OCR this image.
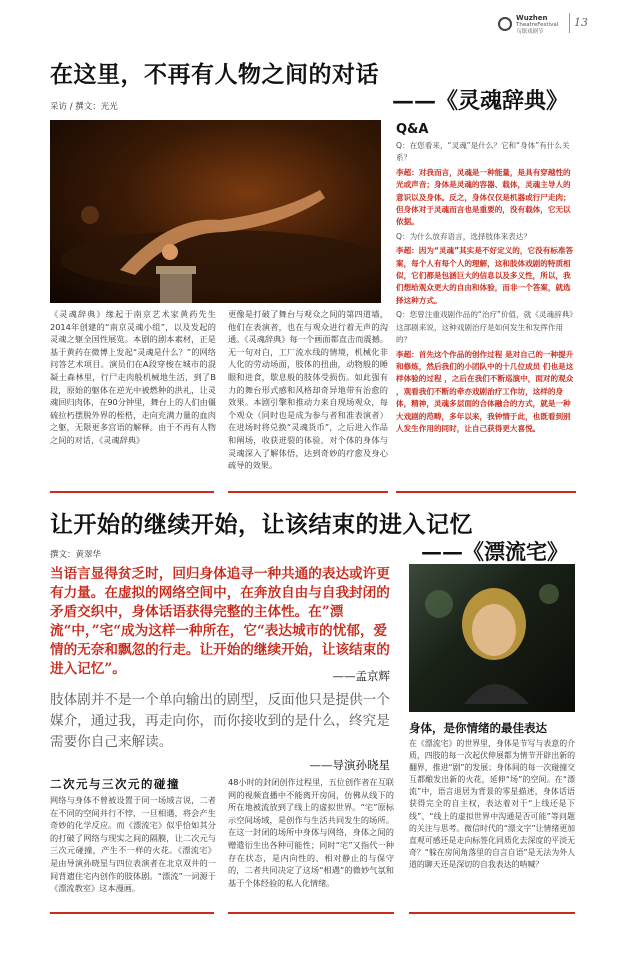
Wuzhen
TheatreFestival
乌镇戏剧节
13
在这里，不再有人物之间的对话
——《灵魂辞典》
采访 / 撰文：光光
《灵魂辞典》缘起于南京艺术家黄药先生2014年创建的“南京灵魂小组”，以及发起的灵魂之躯全国性展览。本剧的剧本素材，正是基于黄药在微博上发起“灵魂是什么？”的网络问答艺术项目。演员们在A段穿梭在城市的混凝土森林里，行尸走肉般机械地生活，到了B段，原始的躯体在逆光中被燃种的洪礼，让灵魂回归肉体，在90分钟里，舞台上的人们由僵硫拉朽摆脱外界的桎梏，走向充满力量的血肉之躯，无限更多宫语的解释。由于不再有人物之间的对话，《灵魂辞典》
更像是打破了舞台与观众之间的第四道墙，他们在表演者，也在与观众进行着无声的沟通。《灵魂辞典》每一个画面都直击而震撼。无一句对白，工厂流水线的情境，机械化非人化的劳动场面，肢体的扭曲，动物般的睡眼和进食，歇息般的肢体受损伤。如此强有力的舞台形式感和风格却奇异地带有治愈的效果。本剧引擎和推动力来自现场观众，每个观众（同时也是成为参与者和准表演者）在进场时将兑换“灵魂货币”，之后进入作品和阐场，收获迸裂的体验，对个体的身体与灵魂深入了解体悟，达到奇妙的疗愈及身心疏导的效果。
Q&A

Q：在您看来，“灵魂”是什么？它和“身体”有什么关系？

李超：对我而言，灵魂是一种能量，是具有穿越性的光或声音；身体是灵魂的容器、载体，灵魂主导人的意识以及身体。反之，身体仅仅是机器或行尸走肉；但身体对于灵魂而言也是重要的，没有载体，它无以依据。

Q：为什么放弃语言，选择肢体来表达？

李超：因为“灵魂”其实是不好定义的，它没有标准答案，每个人有每个人的理解，这和肢体戏剧的特质相似，它们都是包涵巨大的信息以及多义性，所以，我们想给观众更大的自由和体验，而非一个答案，就选择这种方式。

Q：您曾注重戏剧作品的“治疗”价值，就《灵魂辞典》这部剧来说，这种戏剧治疗是如何发生和发挥作用的？

李超：首先这个作品的创作过程 是对自己的一种提升和修炼，然后我们的小团队中的十几位成员 们也是这样体验的过程 ，之后在我们不断巡演中，面对的观众 ，观看我们不断的牵亦戏剧治疗工作坊，这样的身体，精神，灵魂多层面的合体融合的方式，就是一种大戏剧的范畴，多年以来，我钟情于此，也既看到别人发生作用的同时，让自己获得更大喜悦。

让开始的继续开始，让该结束的进入记忆
——《漂流宅》
撰文：黄翠华
当语言显得贫乏时，回归身体追寻一种共通的表达或许更有力量。在虚拟的网络空间中，在奔放自由与自我封闭的矛盾交织中，身体话语获得完整的主体性。在”漂流“中，”宅“成为这样一种所在，它“表达城市的忧郁，爱情的无奈和飘忽的行走。让开始的继续开始，让该结束的进入记忆”。	——孟京辉
肢体剧并不是一个单向输出的剧型，反面他只是提供一个媒介，通过我，再走向你，而你接收到的是什么，终究是需要你自己来解读。
——导演孙晓星
身体，是你情绪的最佳表达
在《漂流宅》的世界里，身体是节写与表意的介质，四肢的每一次起伏伸展都为情节开辟出新的翻界，推进“剧”的发展；身体间的每一次碰撞交互都酿发出新的火花，延伸“场”的空间。在“漂流”中，语言退居为背景的零星描述，身体话语获得完全的自主权，表达着对于“上线还是下线”、“线上的虚拟世界中沟通是否可能”等问题的关注与思考。微信时代的“漂文字”让情绪更加直观可感还是走向标签化同质化去深度的平淡无奇？“躲在房间角落里的自言自语”是无法为外人道的聊天还是深切的自我表达的呐喊？
二次元与三次元的碰撞
网络与身体不曾被设置于同一场域言说，二者在不同的空间并行不悖，一旦相遇，将会产生奇妙的化学反应。而《漂流宅》似乎恰如其分的打破了网络与现实之间的隔膜，让二次元与三次元碰撞，产生不一样的火花。《漂流宅》是由导演孙晓星与四位表演者在北京双井的一间背遗住宅内创作的肢体剧。“漂流”一词源于《漂流教室》这本漫画。
48小时的封闭创作过程里，五位创作者在互联网的视频直播中不能离开房间，仿佛从线下的所在地被流放到了线上的虚拟世界。“宅”原标示空间场域，是创作与生活共同发生的场所。在这一封闭的场所中身体与网络，身体之间的赠遣衍生出各种可能性；同时“宅”又指代一种存在状态，是内向性的、相对静止的与保守的，二者共同决定了这场“相遇”的微妙气氛和基于个体经验的私人化情绪。
